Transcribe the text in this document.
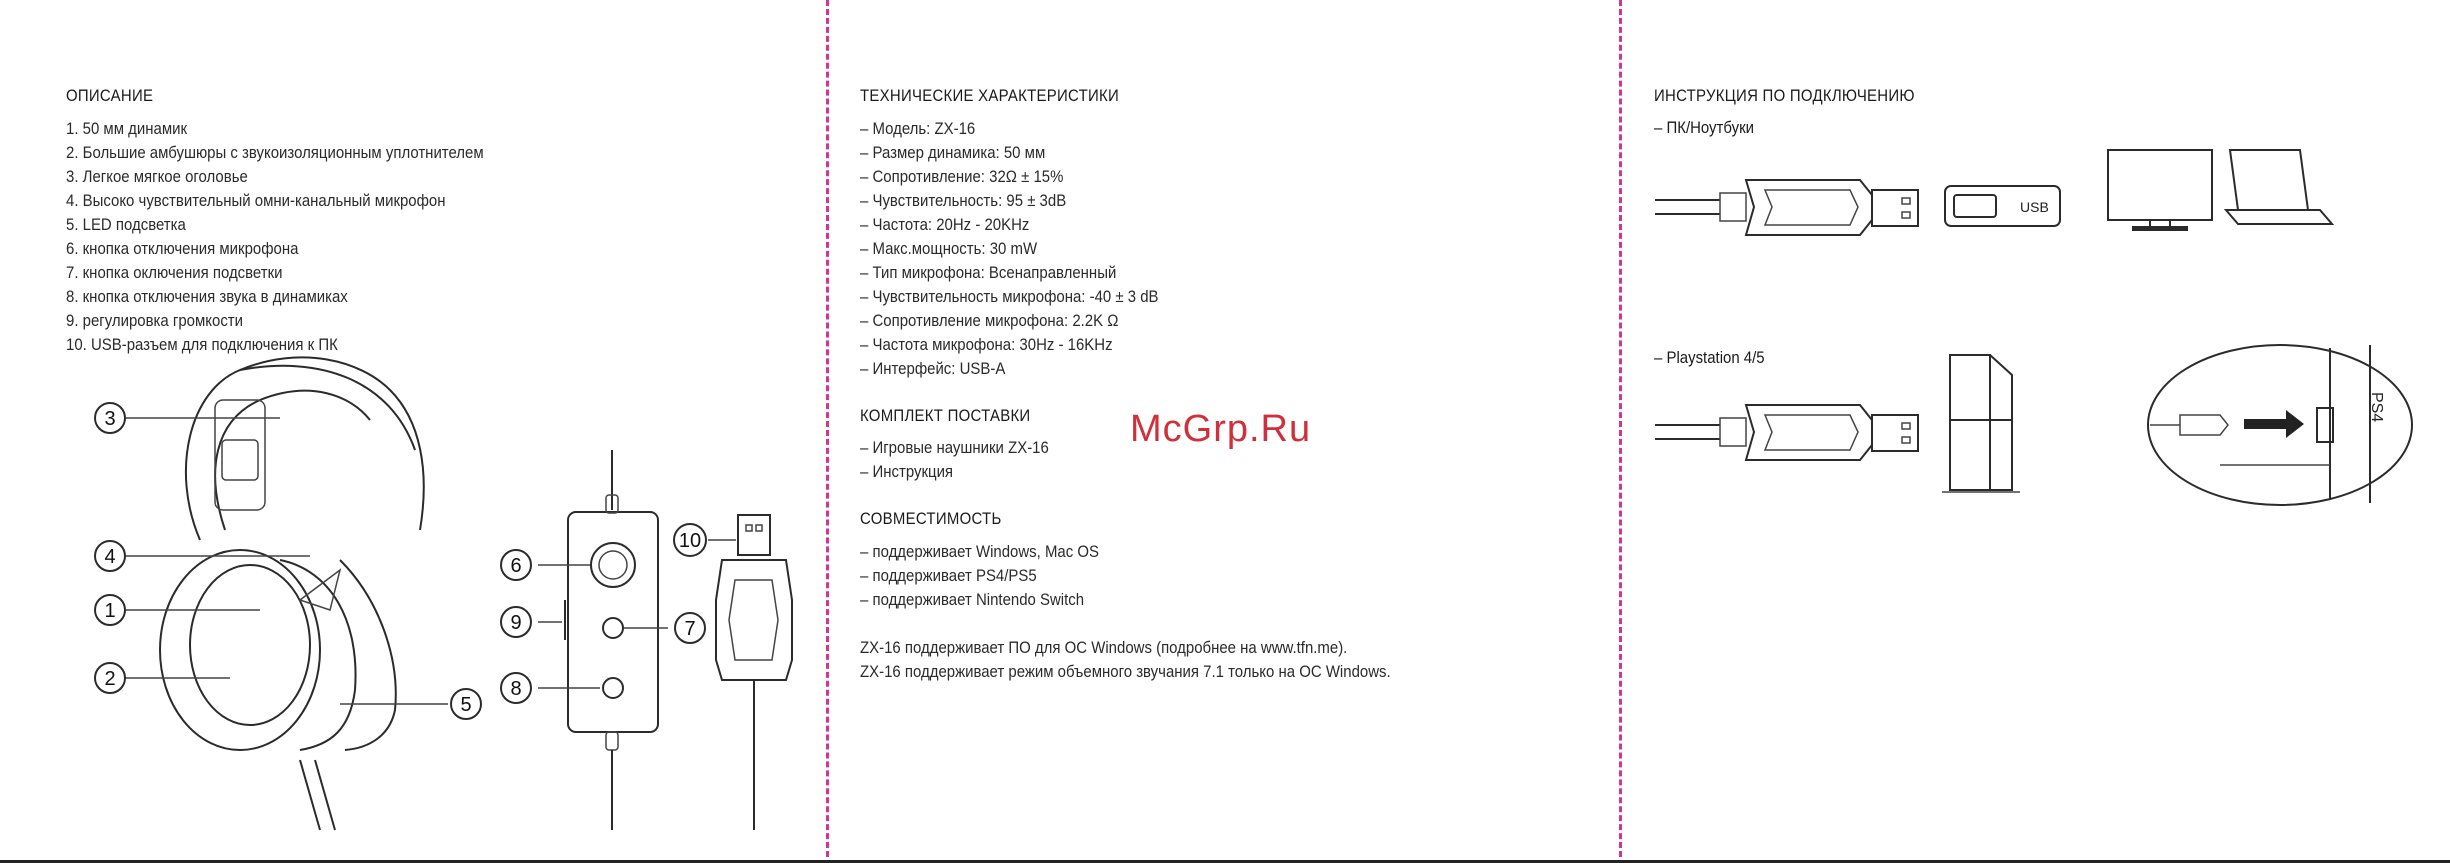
ОПИСАНИЕ
1. 50 мм динамик
2. Большие амбушюры с звукоизоляционным уплотнителем
3. Легкое мягкое оголовье
4. Высоко чувствительный омни-канальный микрофон
5. LED подсветка
6. кнопка отключения микрофона
7. кнопка оключения подсветки
8. кнопка отключения звука в динамиках
9. регулировка громкости
10. USB-разъем для подключения к ПК
3
4
1
2
5
6
9
8
7
10
ТЕХНИЧЕСКИЕ ХАРАКТЕРИСТИКИ
– Модель: ZX-16
– Размер динамика: 50 мм
– Сопротивление: 32Ω ± 15%
– Чувствительность: 95 ± 3dB
– Частота: 20Hz - 20KHz
– Макс.мощность: 30 mW
– Тип микрофона: Всенаправленный
– Чувствительность микрофона: -40 ± 3 dB
– Сопротивление микрофона: 2.2K Ω
– Частота микрофона: 30Hz - 16KHz
– Интерфейс: USB-A
КОМПЛЕКТ ПОСТАВКИ
– Игровые наушники ZX-16
– Инструкция
СОВМЕСТИМОСТЬ
– поддерживает Windows, Mac OS
– поддерживает PS4/PS5
– поддерживает Nintendo Switch
ZX-16 поддерживает ПО для ОС Windows (подробнее на www.tfn.me).
ZX-16 поддерживает режим объемного звучания 7.1 только на ОС Windows.
McGrp.Ru
ИНСТРУКЦИЯ ПО ПОДКЛЮЧЕНИЮ
– ПК/Ноутбуки
– Playstation 4/5
USB
PS4
